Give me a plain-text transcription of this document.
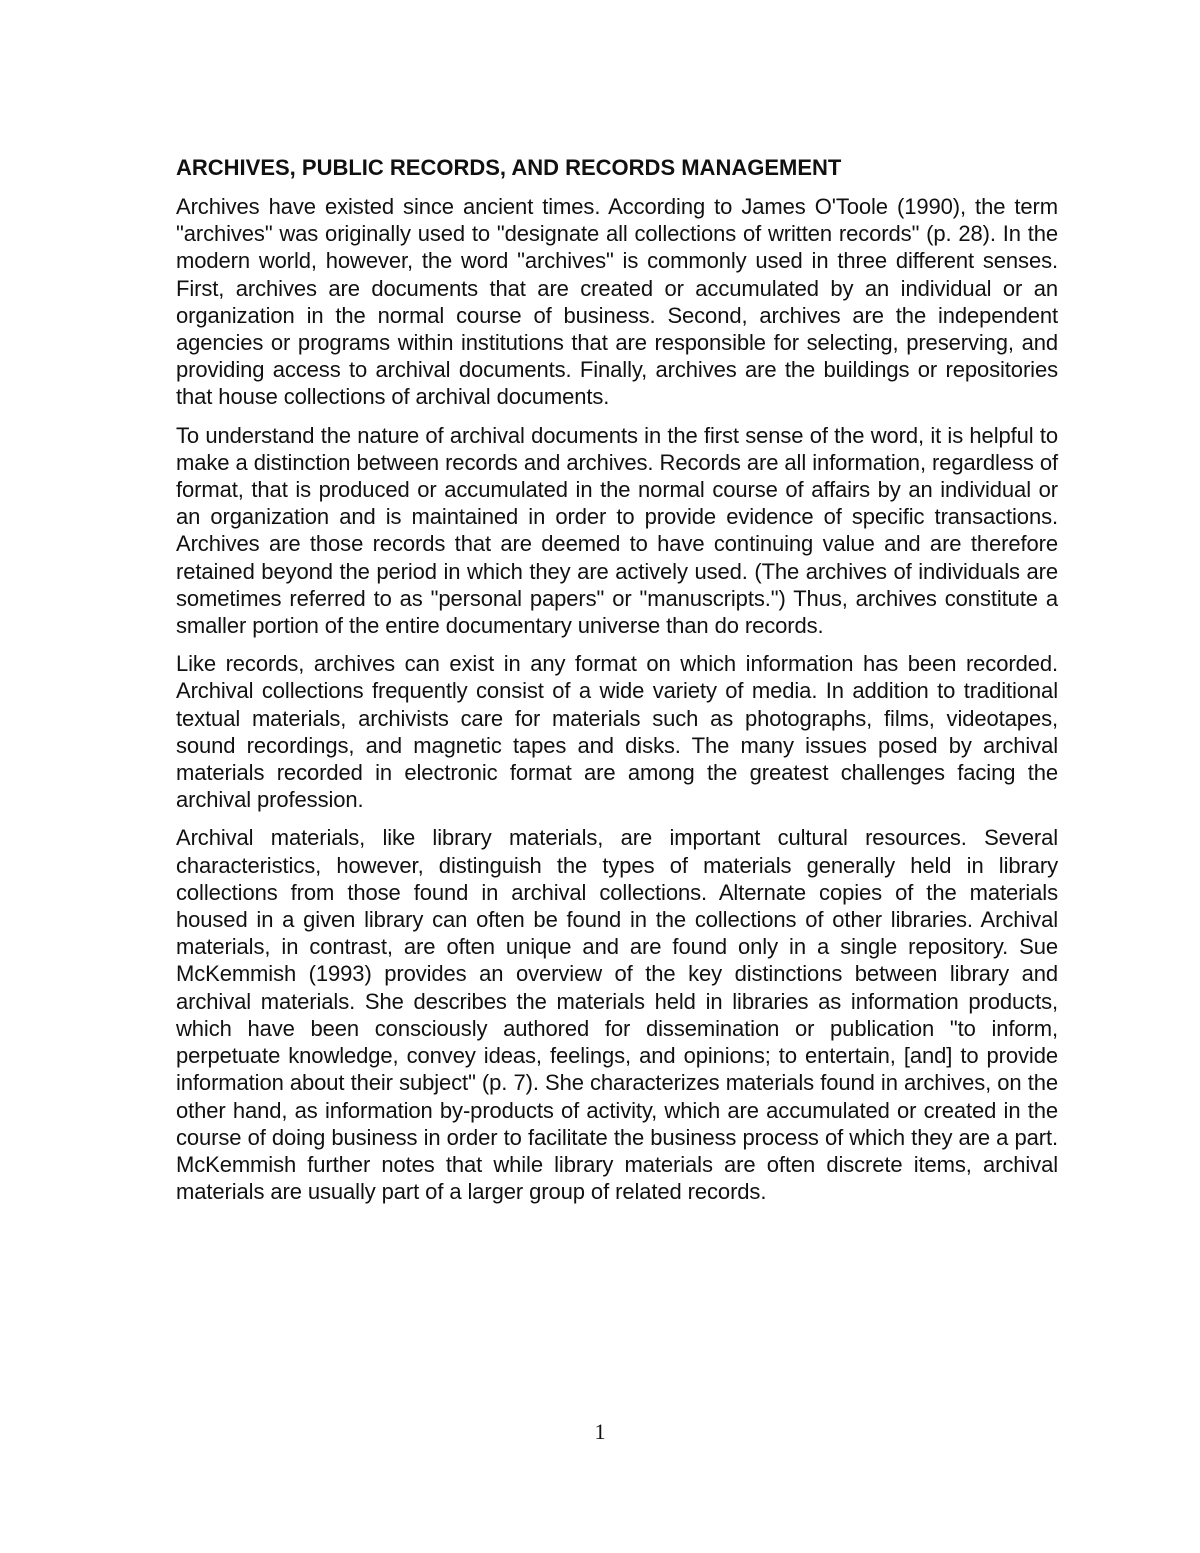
ARCHIVES, PUBLIC RECORDS, AND RECORDS MANAGEMENT

Archives have existed since ancient times. According to James O'Toole (1990), the term "archives" was originally used to "designate all collections of written records" (p. 28). In the modern world, however, the word "archives" is commonly used in three different senses. First, archives are documents that are created or accumulated by an individual or an organization in the normal course of business. Second, archives are the independent agencies or programs within institutions that are responsible for selecting, preserving, and providing access to archival documents. Finally, archives are the buildings or repositories that house collections of archival documents.

To understand the nature of archival documents in the first sense of the word, it is helpful to make a distinction between records and archives. Records are all information, regardless of format, that is produced or accumulated in the normal course of affairs by an individual or an organization and is maintained in order to provide evidence of specific transactions. Archives are those records that are deemed to have continuing value and are therefore retained beyond the period in which they are actively used. (The archives of individuals are sometimes referred to as "personal papers" or "manuscripts.") Thus, archives constitute a smaller portion of the entire documentary universe than do records.

Like records, archives can exist in any format on which information has been recorded. Archival collections frequently consist of a wide variety of media. In addition to traditional textual materials, archivists care for materials such as photographs, films, videotapes, sound recordings, and magnetic tapes and disks. The many issues posed by archival materials recorded in electronic format are among the greatest challenges facing the archival profession.

Archival materials, like library materials, are important cultural resources. Several characteristics, however, distinguish the types of materials generally held in library collections from those found in archival collections. Alternate copies of the materials housed in a given library can often be found in the collections of other libraries. Archival materials, in contrast, are often unique and are found only in a single repository. Sue McKemmish (1993) provides an overview of the key distinctions between library and archival materials. She describes the materials held in libraries as information products, which have been consciously authored for dissemination or publication "to inform, perpetuate knowledge, convey ideas, feelings, and opinions; to entertain, [and] to provide information about their subject" (p. 7). She characterizes materials found in archives, on the other hand, as information by-products of activity, which are accumulated or created in the course of doing business in order to facilitate the business process of which they are a part. McKemmish further notes that while library materials are often discrete items, archival materials are usually part of a larger group of related records.

1
